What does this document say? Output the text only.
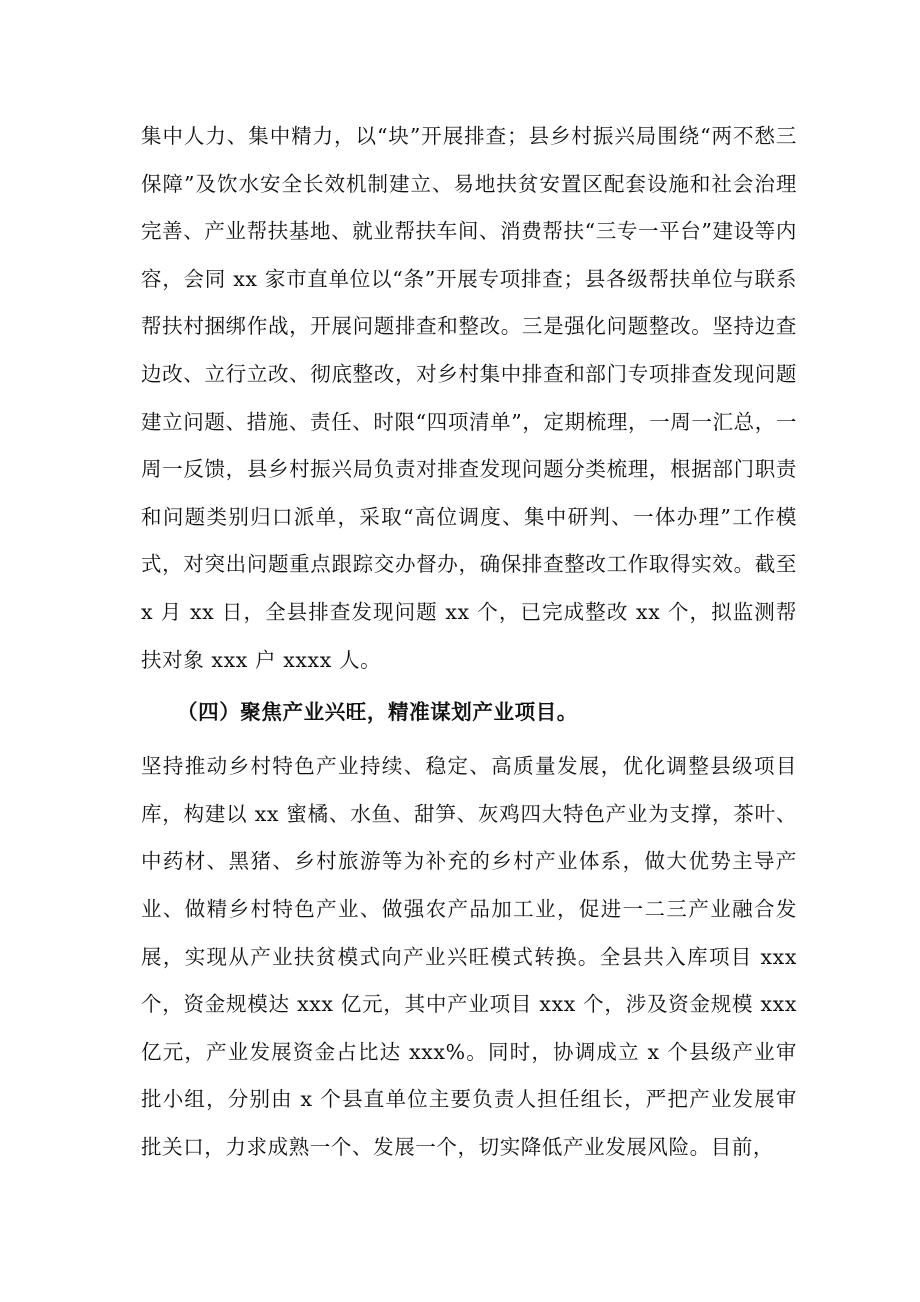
集中人力、集中精力，以“块”开展排查；县乡村振兴局围绕“两不愁三保障”及饮水安全长效机制建立、易地扶贫安置区配套设施和社会治理完善、产业帮扶基地、就业帮扶车间、消费帮扶“三专一平台”建设等内容，会同 xx 家市直单位以“条”开展专项排查；县各级帮扶单位与联系帮扶村捆绑作战，开展问题排查和整改。三是强化问题整改。坚持边查边改、立行立改、彻底整改，对乡村集中排查和部门专项排查发现问题建立问题、措施、责任、时限“四项清单”，定期梳理，一周一汇总，一周一反馈，县乡村振兴局负责对排查发现问题分类梳理，根据部门职责和问题类别归口派单，采取“高位调度、集中研判、一体办理”工作模式，对突出问题重点跟踪交办督办，确保排查整改工作取得实效。截至 x 月 xx 日，全县排查发现问题 xx 个，已完成整改 xx 个，拟监测帮扶对象 xxx 户 xxxx 人。

（四）聚焦产业兴旺，精准谋划产业项目。

坚持推动乡村特色产业持续、稳定、高质量发展，优化调整县级项目库，构建以 xx 蜜橘、水鱼、甜笋、灰鸡四大特色产业为支撑，茶叶、中药材、黑猪、乡村旅游等为补充的乡村产业体系，做大优势主导产业、做精乡村特色产业、做强农产品加工业，促进一二三产业融合发展，实现从产业扶贫模式向产业兴旺模式转换。全县共入库项目 xxx 个，资金规模达 xxx 亿元，其中产业项目 xxx 个，涉及资金规模 xxx 亿元，产业发展资金占比达 xxx%。同时，协调成立 x 个县级产业审批小组，分别由 x 个县直单位主要负责人担任组长，严把产业发展审批关口，力求成熟一个、发展一个，切实降低产业发展风险。目前，
